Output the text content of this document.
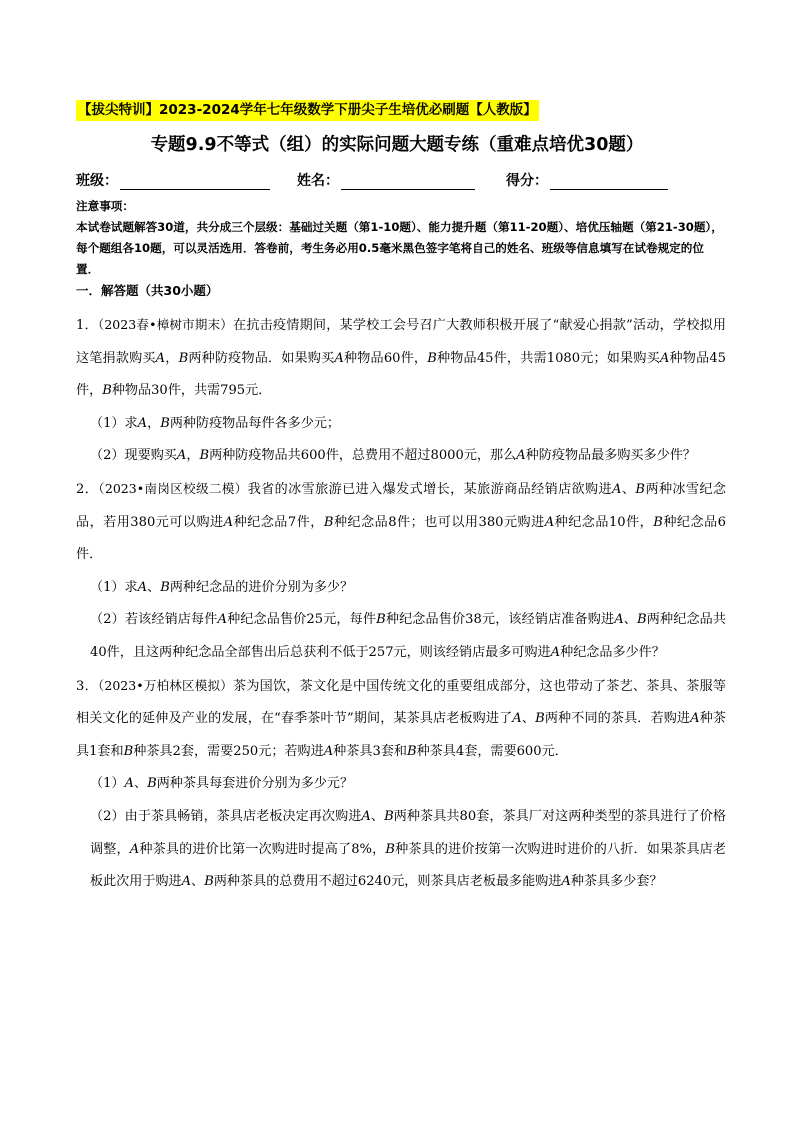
【拔尖特训】2023-2024学年七年级数学下册尖子生培优必刷题【人教版】
专题9.9不等式（组）的实际问题大题专练（重难点培优30题）
班级：	姓名：	得分：

注意事项：

本试卷试题解答30道，共分成三个层级：基础过关题（第1-10题）、能力提升题（第11-20题）、培优压轴题（第21-30题），每个题组各10题，可以灵活选用．答卷前，考生务必用0.5毫米黑色签字笔将自己的姓名、班级等信息填写在试卷规定的位置．

一．解答题（共30小题）

1．（2023春•樟树市期末）在抗击疫情期间，某学校工会号召广大教师积极开展了“献爱心捐款”活动，学校拟用这笔捐款购买A，B两种防疫物品．如果购买A种物品60件，B种物品45件，共需1080元；如果购买A种物品45件，B种物品30件，共需795元．

（1）求A，B两种防疫物品每件各多少元；

（2）现要购买A，B两种防疫物品共600件，总费用不超过8000元，那么A种防疫物品最多购买多少件？

2．（2023•南岗区校级二模）我省的冰雪旅游已进入爆发式增长，某旅游商品经销店欲购进A、B两种冰雪纪念品，若用380元可以购进A种纪念品7件，B种纪念品8件；也可以用380元购进A种纪念品10件，B种纪念品6件．

（1）求A、B两种纪念品的进价分别为多少？

（2）若该经销店每件A种纪念品售价25元，每件B种纪念品售价38元，该经销店准备购进A、B两种纪念品共40件，且这两种纪念品全部售出后总获利不低于257元，则该经销店最多可购进A种纪念品多少件？

3．（2023•万柏林区模拟）茶为国饮，茶文化是中国传统文化的重要组成部分，这也带动了茶艺、茶具、茶服等相关文化的延伸及产业的发展，在“春季茶叶节”期间，某茶具店老板购进了A、B两种不同的茶具．若购进A种茶具1套和B种茶具2套，需要250元；若购进A种茶具3套和B种茶具4套，需要600元．

（1）A、B两种茶具每套进价分别为多少元？

（2）由于茶具畅销，茶具店老板决定再次购进A、B两种茶具共80套，茶具厂对这两种类型的茶具进行了价格调整，A种茶具的进价比第一次购进时提高了8%，B种茶具的进价按第一次购进时进价的八折．如果茶具店老板此次用于购进A、B两种茶具的总费用不超过6240元，则茶具店老板最多能购进A种茶具多少套？
